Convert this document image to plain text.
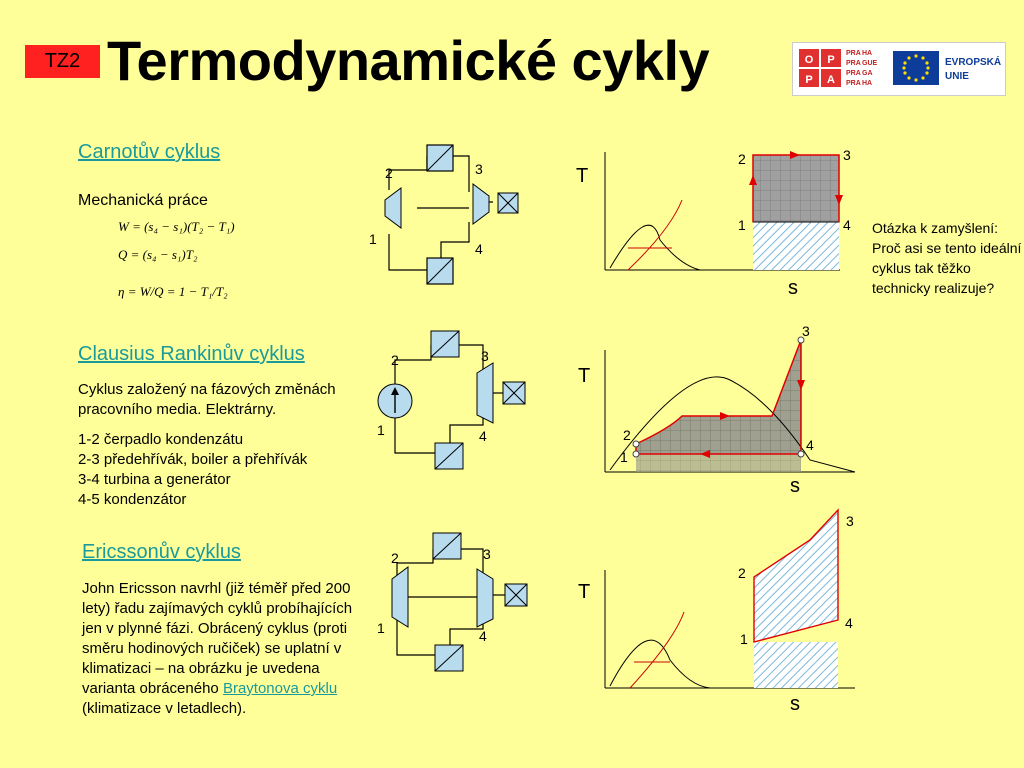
TZ2 Termodynamické cykly	O P
P A
PRA HA
PRA GUE
PRA GA
PRA HA
EVROPSKÁ
UNIE
Carnotův cyklus
Mechanická práce
W = (s₄ − s₁)(T₂ − T₁)
Q = (s₄ − s₁)T₂
η = W/Q = 1 − T₁/T₂
2	3
1
4
T
s
2	3
1	4 Otázka k zamyšlení: Proč asi se tento ideální cyklus tak těžko technicky realizuje?
Clausius Rankinův cyklus
Cyklus založený na fázových změnách pracovního media. Elektrárny.
1-2 čerpadlo kondenzátu
2-3 předehřívák, boiler a přehřívák
3-4 turbina a generátor
4-5 kondenzátor
2	3
1	4
T
s
2
3
1
4
Ericssonův cyklus
John Ericsson navrhl (již téměř před 200 lety) řadu zajímavých cyklů probíhajících jen v plynné fázi. Obrácený cyklus (proti směru hodinových ručiček) se uplatní v klimatizaci – na obrázku je uvedena varianta obráceného Braytonova cyklu (klimatizace v letadlech).
2	3
1	4
T
s
2
3
1
4
